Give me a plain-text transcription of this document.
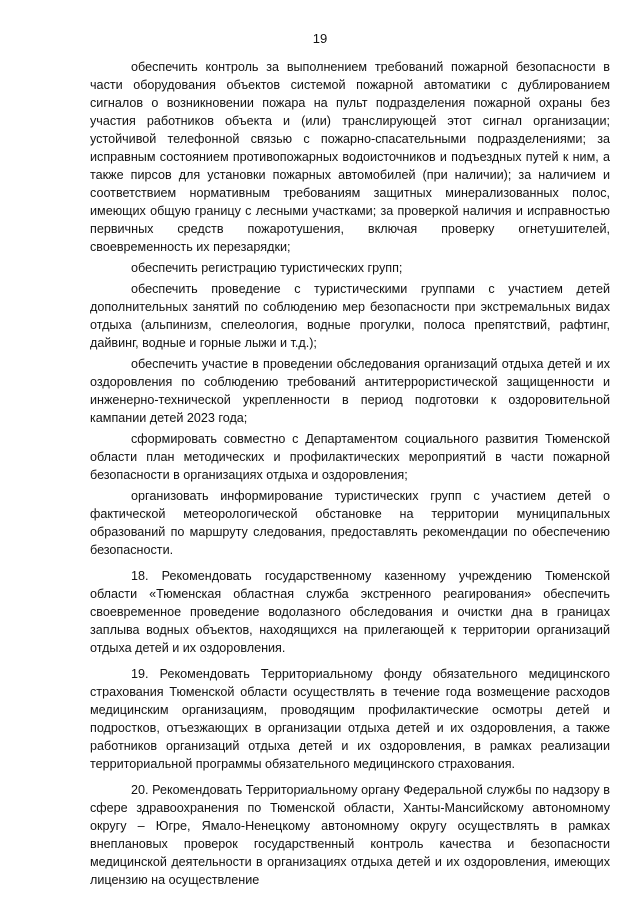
19

обеспечить контроль за выполнением требований пожарной безопасности в части оборудования объектов системой пожарной автоматики с дублированием сигналов о возникновении пожара на пульт подразделения пожарной охраны без участия работников объекта и (или) транслирующей этот сигнал организации; устойчивой телефонной связью с пожарно-спасательными подразделениями; за исправным состоянием противопожарных водоисточников и подъездных путей к ним, а также пирсов для установки пожарных автомобилей (при наличии); за наличием и соответствием нормативным требованиям защитных минерализованных полос, имеющих общую границу с лесными участками; за проверкой наличия и исправностью первичных средств пожаротушения, включая проверку огнетушителей, своевременность их перезарядки;

обеспечить регистрацию туристических групп;

обеспечить проведение с туристическими группами с участием детей дополнительных занятий по соблюдению мер безопасности при экстремальных видах отдыха (альпинизм, спелеология, водные прогулки, полоса препятствий, рафтинг, дайвинг, водные и горные лыжи и т.д.);

обеспечить участие в проведении обследования организаций отдыха детей и их оздоровления по соблюдению требований антитеррористической защищенности и инженерно-технической укрепленности в период подготовки к оздоровительной кампании детей 2023 года;

сформировать совместно с Департаментом социального развития Тюменской области план методических и профилактических мероприятий в части пожарной безопасности в организациях отдыха и оздоровления;

организовать информирование туристических групп с участием детей о фактической метеорологической обстановке на территории муниципальных образований по маршруту следования, предоставлять рекомендации по обеспечению безопасности.

18. Рекомендовать государственному казенному учреждению Тюменской области «Тюменская областная служба экстренного реагирования» обеспечить своевременное проведение водолазного обследования и очистки дна в границах заплыва водных объектов, находящихся на прилегающей к территории организаций отдыха детей и их оздоровления.

19. Рекомендовать Территориальному фонду обязательного медицинского страхования Тюменской области осуществлять в течение года возмещение расходов медицинским организациям, проводящим профилактические осмотры детей и подростков, отъезжающих в организации отдыха детей и их оздоровления, а также работников организаций отдыха детей и их оздоровления, в рамках реализации территориальной программы обязательного медицинского страхования.

20. Рекомендовать Территориальному органу Федеральной службы по надзору в сфере здравоохранения по Тюменской области, Ханты-Мансийскому автономному округу – Югре, Ямало-Ненецкому автономному округу осуществлять в рамках внеплановых проверок государственный контроль качества и безопасности медицинской деятельности в организациях отдыха детей и их оздоровления, имеющих лицензию на осуществление
